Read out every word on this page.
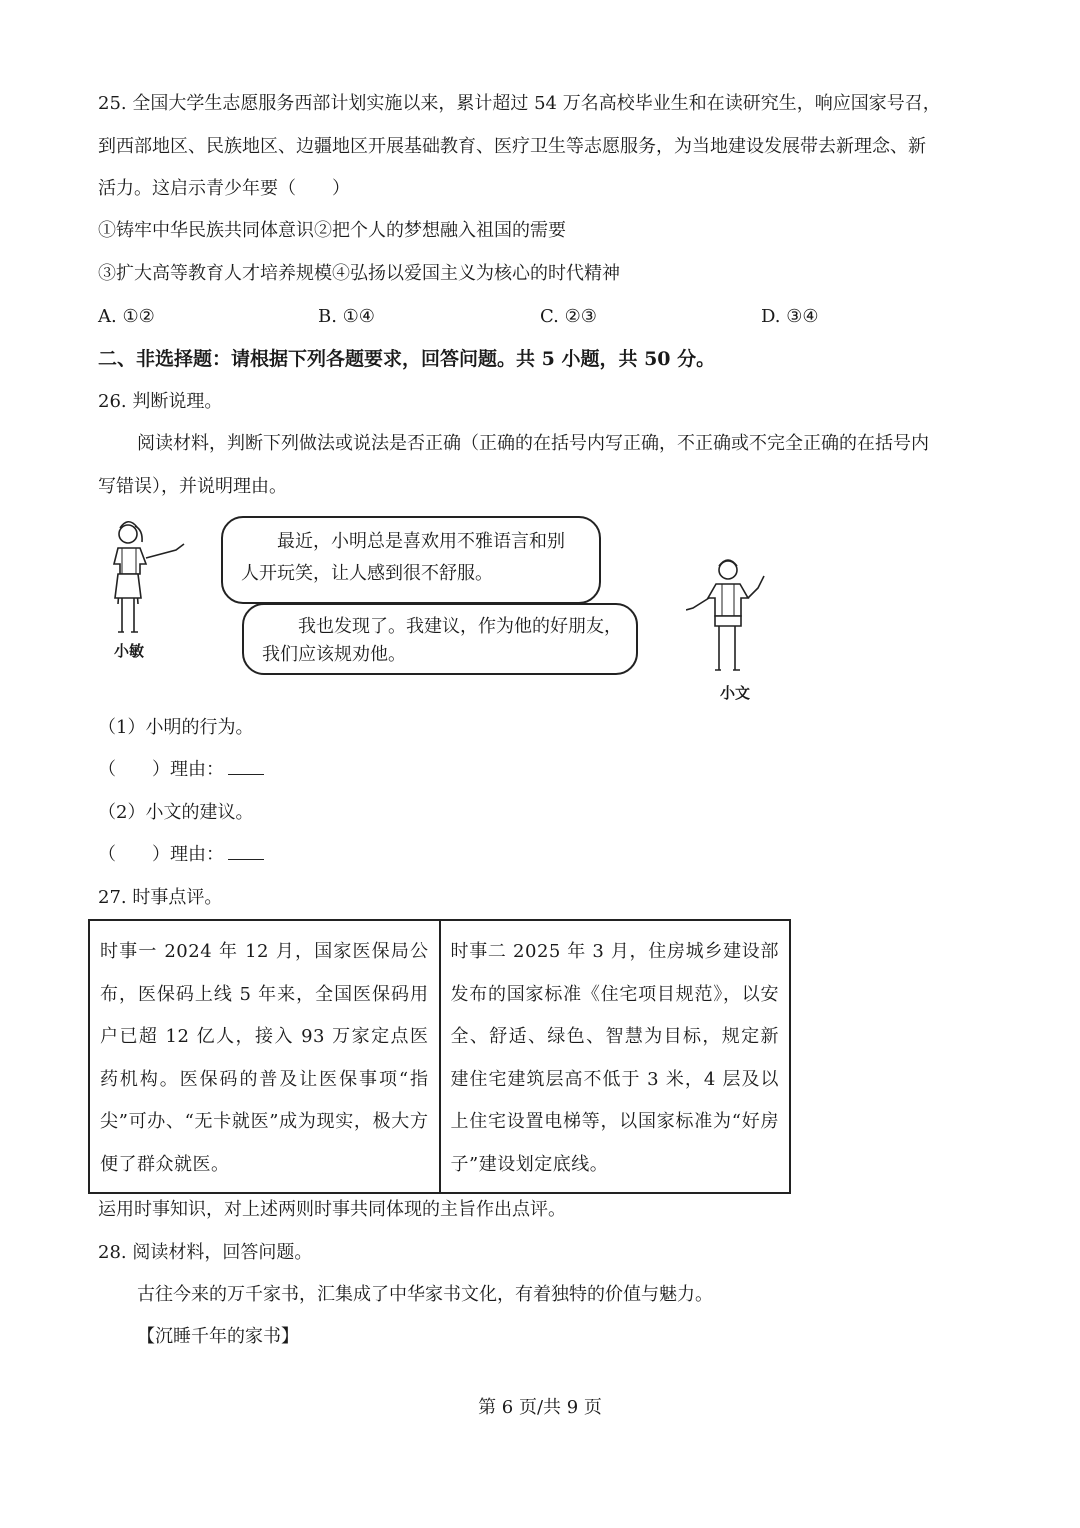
25. 全国大学生志愿服务西部计划实施以来，累计超过 54 万名高校毕业生和在读研究生，响应国家号召，
到西部地区、民族地区、边疆地区开展基础教育、医疗卫生等志愿服务，为当地建设发展带去新理念、新
活力。这启示青少年要（　　）
①铸牢中华民族共同体意识②把个人的梦想融入祖国的需要
③扩大高等教育人才培养规模④弘扬以爱国主义为核心的时代精神
A. ①②	B. ①④	C. ②③	D. ③④
二、非选择题：请根据下列各题要求，回答问题。共 5 小题，共 50 分。
26. 判断说理。
阅读材料，判断下列做法或说法是否正确（正确的在括号内写正确，不正确或不完全正确的在括号内
写错误），并说明理由。

最近，小明总是喜欢用不雅语言和别

人开玩笑，让人感到很不舒服。

我也发现了。我建议，作为他的好朋友，

我们应该规劝他。

小敏
小文
（1）小明的行为。
（　　）理由：
（2）小文的建议。
（　　）理由：
27. 时事点评。
时事一 2024 年 12 月，国家医保局公布，医保码上线 5 年来，全国医保码用户已超 12 亿人，接入 93 万家定点医药机构。医保码的普及让医保事项“指尖”可办、“无卡就医”成为现实，极大方便了群众就医。	时事二 2025 年 3 月，住房城乡建设部发布的国家标准《住宅项目规范》，以安全、舒适、绿色、智慧为目标，规定新建住宅建筑层高不低于 3 米，4 层及以上住宅设置电梯等，以国家标准为“好房子”建设划定底线。
运用时事知识，对上述两则时事共同体现的主旨作出点评。
28. 阅读材料，回答问题。
古往今来的万千家书，汇集成了中华家书文化，有着独特的价值与魅力。
【沉睡千年的家书】
第 6 页/共 9 页
